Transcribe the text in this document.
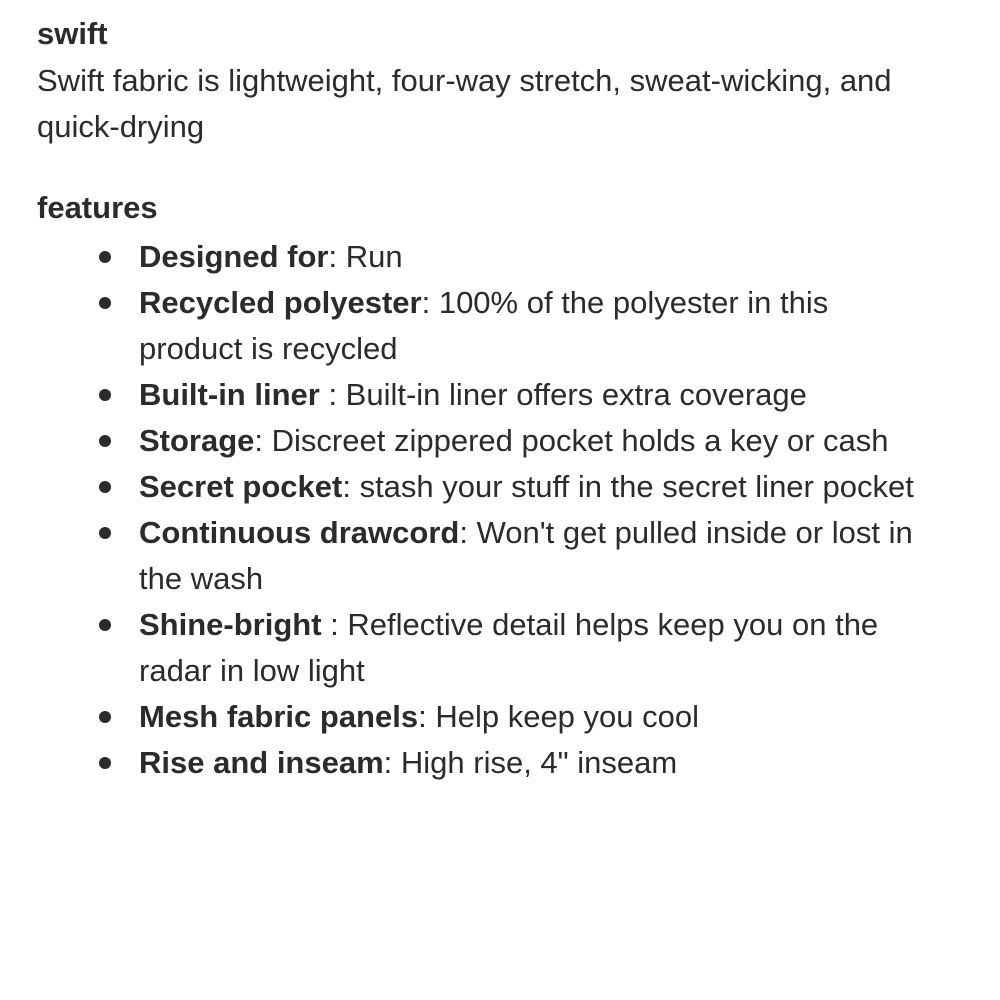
swift

Swift fabric is lightweight, four-way stretch, sweat-wicking, and quick-drying

features
Designed for: Run
Recycled polyester: 100% of the polyester in this product is recycled
Built-in liner : Built-in liner offers extra coverage
Storage: Discreet zippered pocket holds a key or cash
Secret pocket: stash your stuff in the secret liner pocket
Continuous drawcord: Won't get pulled inside or lost in the wash
Shine-bright : Reflective detail helps keep you on the radar in low light
Mesh fabric panels: Help keep you cool
Rise and inseam: High rise, 4" inseam
